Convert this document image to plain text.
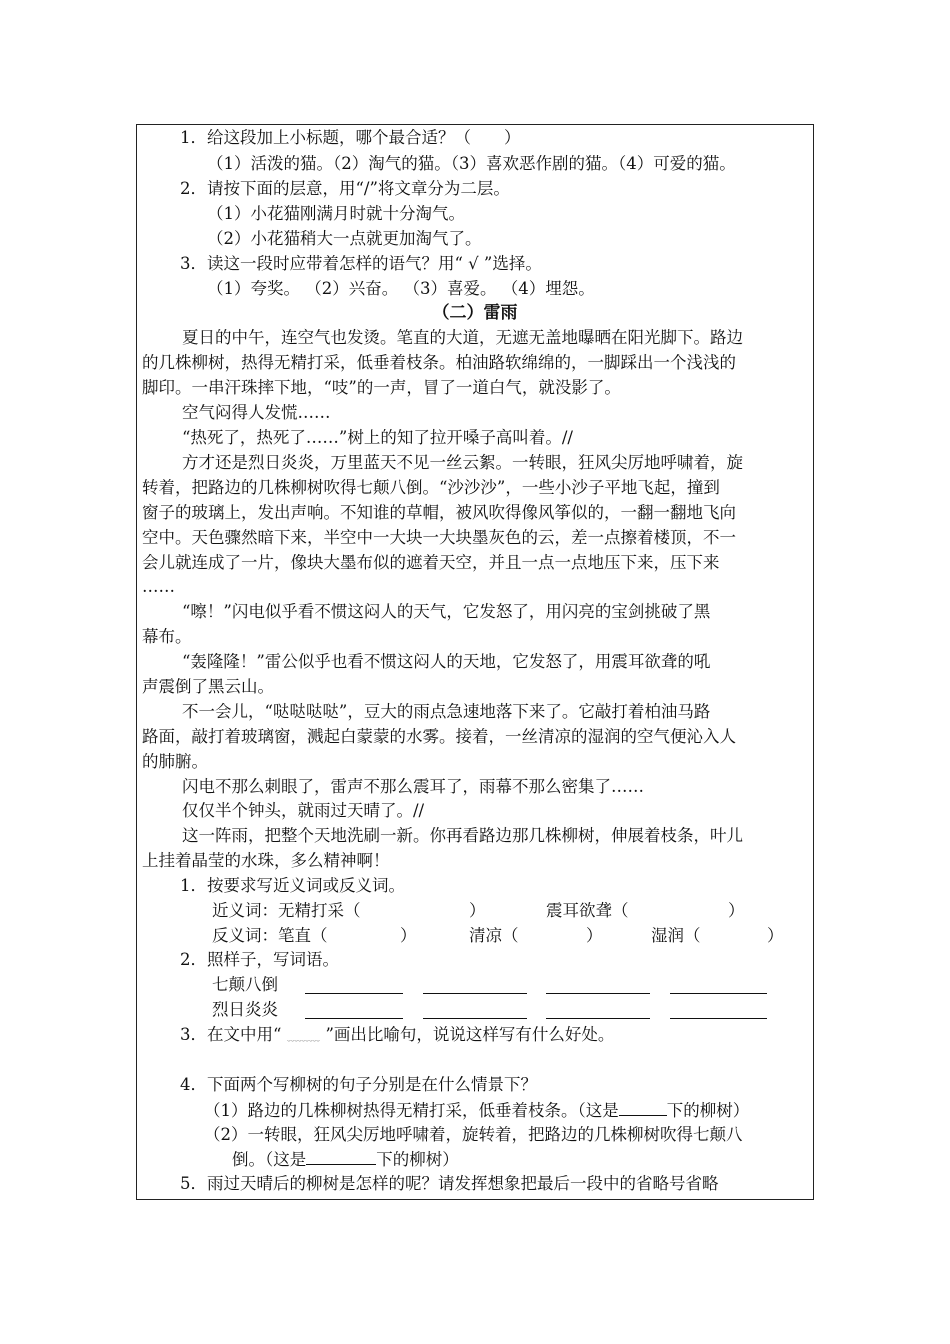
1．给这段加上小标题，哪个最合适？（　　）
（1）活泼的猫。（2）淘气的猫。（3）喜欢恶作剧的猫。（4）可爱的猫。
2．请按下面的层意，用“/”将文章分为二层。
（1）小花猫刚满月时就十分淘气。
（2）小花猫稍大一点就更加淘气了。
3．读这一段时应带着怎样的语气？用“ √ ”选择。
（1）夸奖。 （2）兴奋。 （3）喜爱。 （4）埋怨。
（二）雷雨
夏日的中午，连空气也发烫。笔直的大道，无遮无盖地曝晒在阳光脚下。路边
的几株柳树，热得无精打采，低垂着枝条。柏油路软绵绵的，一脚踩出一个浅浅的
脚印。一串汗珠摔下地，“吱”的一声，冒了一道白气，就没影了。
空气闷得人发慌……
“热死了，热死了……”树上的知了拉开嗓子高叫着。//
方才还是烈日炎炎，万里蓝天不见一丝云絮。一转眼，狂风尖厉地呼啸着，旋
转着，把路边的几株柳树吹得七颠八倒。“沙沙沙”，一些小沙子平地飞起，撞到
窗子的玻璃上，发出声响。不知谁的草帽，被风吹得像风筝似的，一翻一翻地飞向
空中。天色骤然暗下来，半空中一大块一大块墨灰色的云，差一点擦着楼顶，不一
会儿就连成了一片，像块大墨布似的遮着天空，并且一点一点地压下来，压下来
……
“嚓！”闪电似乎看不惯这闷人的天气，它发怒了，用闪亮的宝剑挑破了黑
幕布。
“轰隆隆！”雷公似乎也看不惯这闷人的天地，它发怒了，用震耳欲聋的吼
声震倒了黑云山。
不一会儿，“哒哒哒哒”，豆大的雨点急速地落下来了。它敲打着柏油马路
路面，敲打着玻璃窗，溅起白蒙蒙的水雾。接着，一丝清凉的湿润的空气便沁入人
的肺腑。
闪电不那么刺眼了，雷声不那么震耳了，雨幕不那么密集了……
仅仅半个钟头，就雨过天晴了。//
这一阵雨，把整个天地洗刷一新。你再看路边那几株柳树，伸展着枝条，叶儿
上挂着晶莹的水珠，多么精神啊！
1．按要求写近义词或反义词。
近义词：无精打采（	）	震耳欲聋（	）
反义词：笔直（	）	清凉（	）	湿润（	）
2．照样子，写词语。
七颠八倒
烈日炎炎
3．在文中用“ ﹏﹏﹏ ”画出比喻句，说说这样写有什么好处。
4．下面两个写柳树的句子分别是在什么情景下？
（1）路边的几株柳树热得无精打采，低垂着枝条。（这是	下的柳树）
（2）一转眼，狂风尖厉地呼啸着，旋转着，把路边的几株柳树吹得七颠八
倒。（这是	下的柳树）
5．雨过天晴后的柳树是怎样的呢？请发挥想象把最后一段中的省略号省略
